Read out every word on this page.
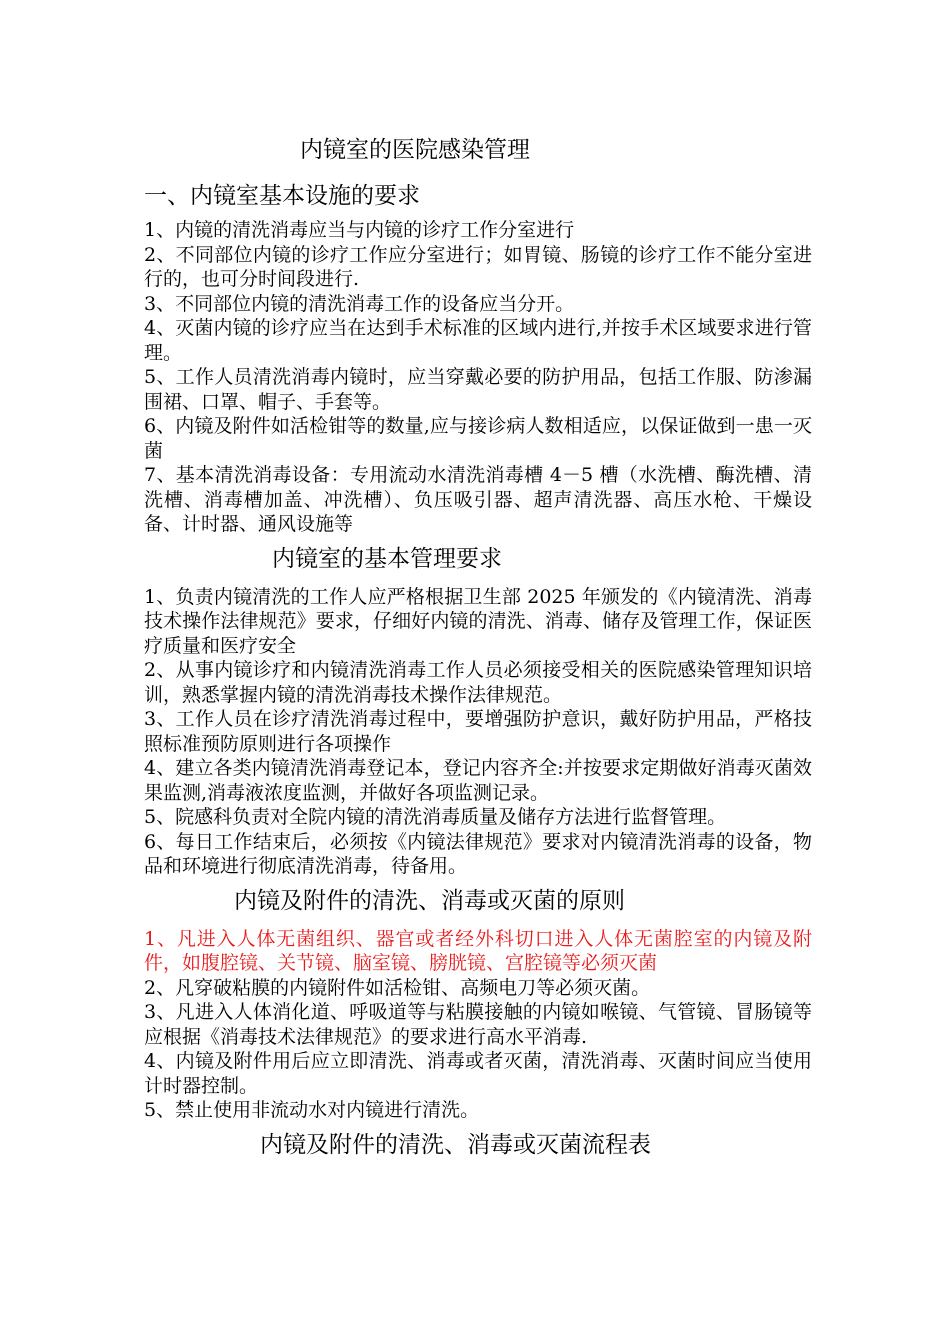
内镜室的医院感染管理
一、内镜室基本设施的要求

1、内镜的清洗消毒应当与内镜的诊疗工作分室进行

2、不同部位内镜的诊疗工作应分室进行；如胃镜、肠镜的诊疗工作不能分室进行的，也可分时间段进行.

3、不同部位内镜的清洗消毒工作的设备应当分开。

4、灭菌内镜的诊疗应当在达到手术标准的区域内进行,并按手术区域要求进行管理。

5、工作人员清洗消毒内镜时，应当穿戴必要的防护用品，包括工作服、防渗漏围裙、口罩、帽子、手套等。

6、内镜及附件如活检钳等的数量,应与接诊病人数相适应，以保证做到一患一灭菌

7、基本清洗消毒设备：专用流动水清洗消毒槽 4－5 槽（水洗槽、酶洗槽、清洗槽、消毒槽加盖、冲洗槽）、负压吸引器、超声清洗器、高压水枪、干燥设备、计时器、通风设施等

内镜室的基本管理要求

1、负责内镜清洗的工作人应严格根据卫生部 2025 年颁发的《内镜清洗、消毒技术操作法律规范》要求，仔细好内镜的清洗、消毒、储存及管理工作，保证医疗质量和医疗安全

2、从事内镜诊疗和内镜清洗消毒工作人员必须接受相关的医院感染管理知识培训，熟悉掌握内镜的清洗消毒技术操作法律规范。

3、工作人员在诊疗清洗消毒过程中，要增强防护意识，戴好防护用品，严格技照标准预防原则进行各项操作

4、建立各类内镜清洗消毒登记本，登记内容齐全:并按要求定期做好消毒灭菌效果监测,消毒液浓度监测，并做好各项监测记录。

5、院感科负责对全院内镜的清洗消毒质量及储存方法进行监督管理。

6、每日工作结束后，必须按《内镜法律规范》要求对内镜清洗消毒的设备，物品和环境进行彻底清洗消毒，待备用。

内镜及附件的清洗、消毒或灭菌的原则

1、凡进入人体无菌组织、器官或者经外科切口进入人体无菌腔室的内镜及附件，如腹腔镜、关节镜、脑室镜、膀胱镜、宫腔镜等必须灭菌

2、凡穿破粘膜的内镜附件如活检钳、高频电刀等必须灭菌。

3、凡进入人体消化道、呼吸道等与粘膜接触的内镜如喉镜、气管镜、冒肠镜等应根据《消毒技术法律规范》的要求进行高水平消毒.

4、内镜及附件用后应立即清洗、消毒或者灭菌，清洗消毒、灭菌时间应当使用计时器控制。

5、禁止使用非流动水对内镜进行清洗。

内镜及附件的清洗、消毒或灭菌流程表
